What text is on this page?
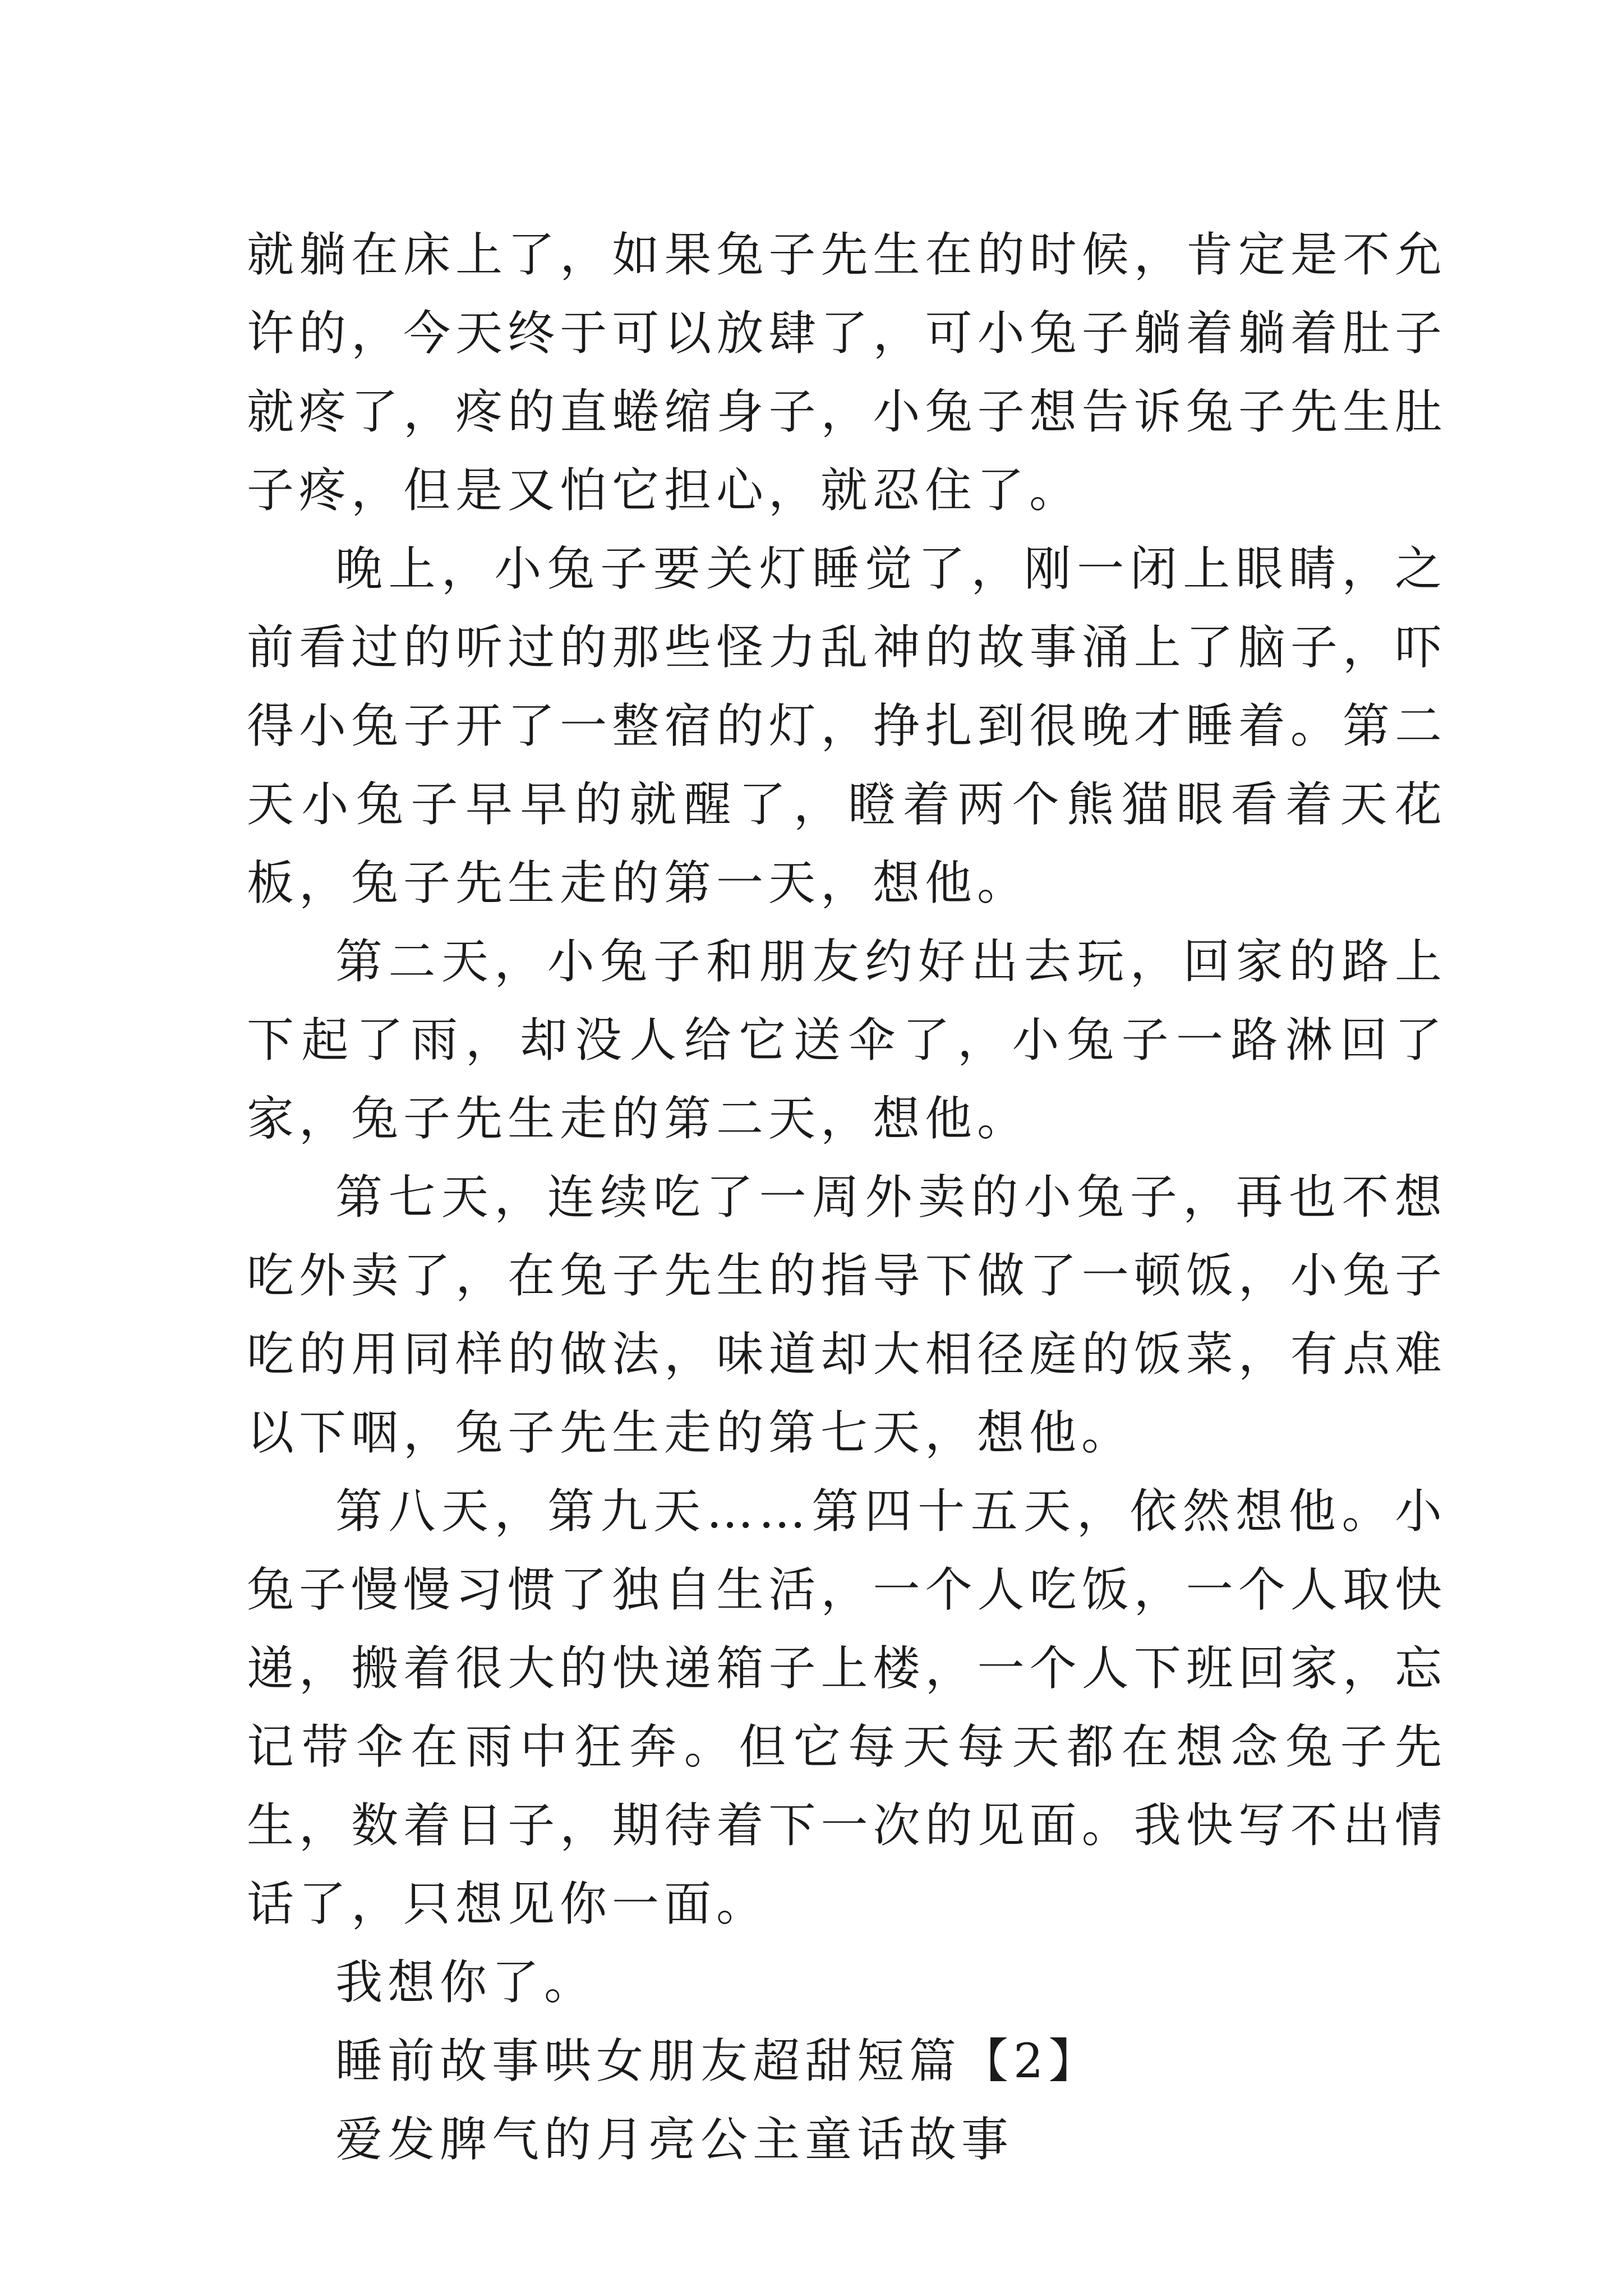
就躺在床上了，如果兔子先生在的时候，肯定是不允许的，今天终于可以放肆了，可小兔子躺着躺着肚子就疼了，疼的直蜷缩身子，小兔子想告诉兔子先生肚子疼，但是又怕它担心，就忍住了。

晚上，小兔子要关灯睡觉了，刚一闭上眼睛，之前看过的听过的那些怪力乱神的故事涌上了脑子，吓得小兔子开了一整宿的灯，挣扎到很晚才睡着。第二天小兔子早早的就醒了，瞪着两个熊猫眼看着天花板，兔子先生走的第一天，想他。

第二天，小兔子和朋友约好出去玩，回家的路上下起了雨，却没人给它送伞了，小兔子一路淋回了家，兔子先生走的第二天，想他。

第七天，连续吃了一周外卖的小兔子，再也不想吃外卖了，在兔子先生的指导下做了一顿饭，小兔子吃的用同样的做法，味道却大相径庭的饭菜，有点难以下咽，兔子先生走的第七天，想他。

第八天，第九天……第四十五天，依然想他。小兔子慢慢习惯了独自生活，一个人吃饭，一个人取快递，搬着很大的快递箱子上楼，一个人下班回家，忘记带伞在雨中狂奔。但它每天每天都在想念兔子先生，数着日子，期待着下一次的见面。我快写不出情话了，只想见你一面。

我想你了。

睡前故事哄女朋友超甜短篇【2】

爱发脾气的月亮公主童话故事
